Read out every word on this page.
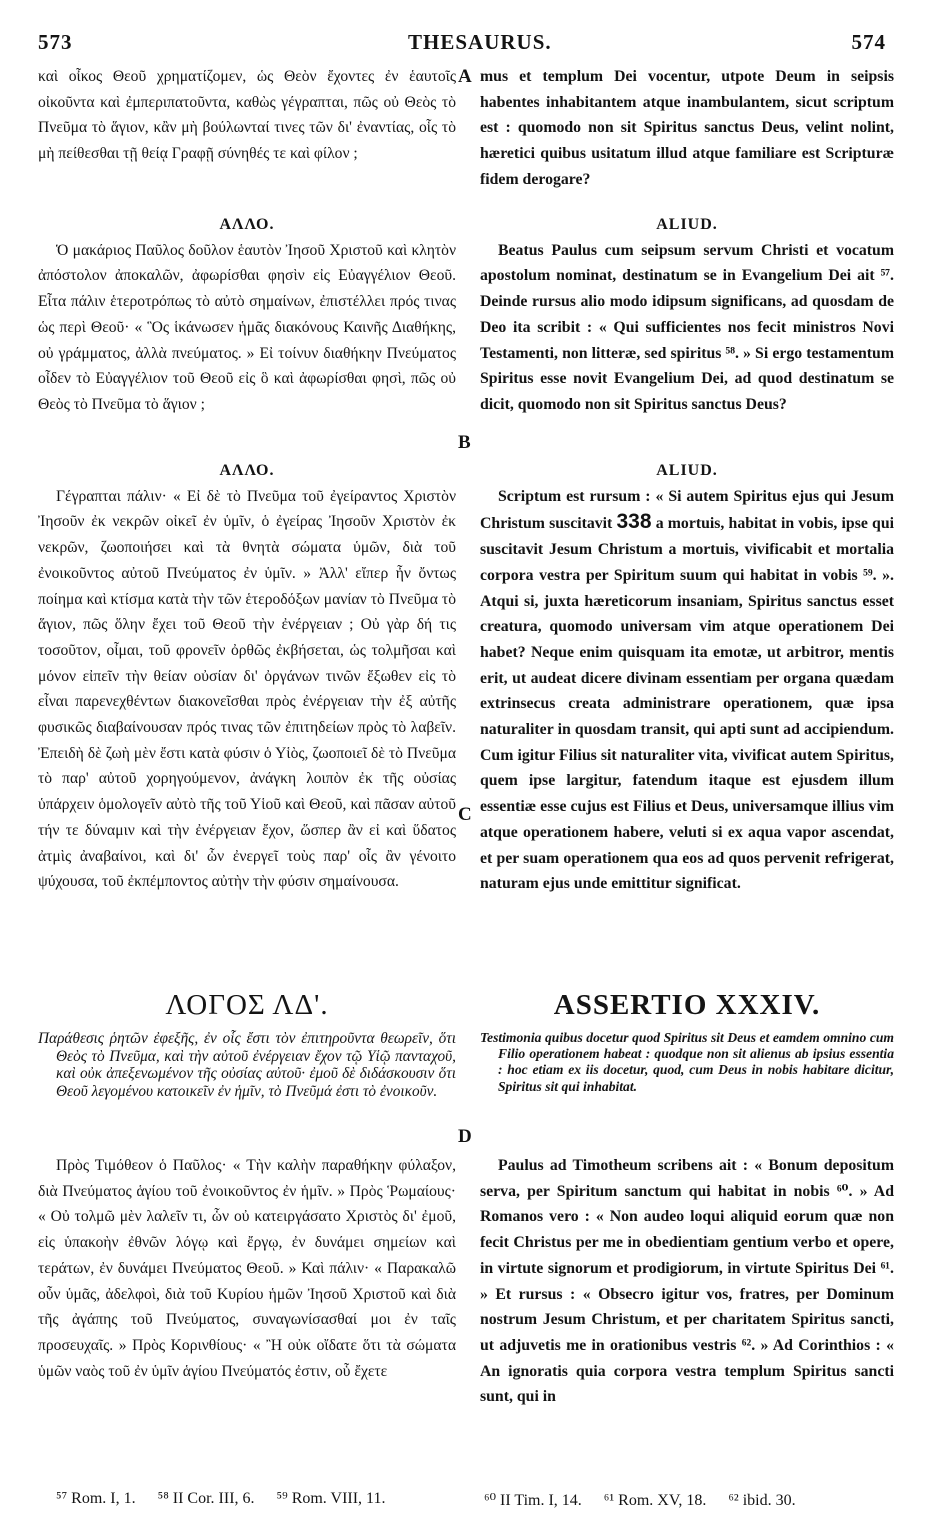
573	THESAURUS.	574
A
B
C
D

καὶ οἶκος Θεοῦ χρηματίζομεν, ὡς Θεὸν ἔχοντες ἐν ἑαυτοῖς οἰκοῦντα καὶ ἐμπεριπατοῦντα, καθὼς γέγραπται, πῶς οὐ Θεὸς τὸ Πνεῦμα τὸ ἅγιον, κἂν μὴ βούλωνταί τινες τῶν δι' ἐναντίας, οἷς τὸ μὴ πείθεσθαι τῇ θείᾳ Γραφῇ σύνηθές τε καὶ φίλον ;

ΑΛΛΟ.

Ὁ μακάριος Παῦλος δοῦλον ἑαυτὸν Ἰησοῦ Χριστοῦ καὶ κλητὸν ἀπόστολον ἀποκαλῶν, ἀφωρίσθαι φησὶν εἰς Εὐαγγέλιον Θεοῦ. Εἶτα πάλιν ἑτεροτρόπως τὸ αὐτὸ σημαίνων, ἐπιστέλλει πρός τινας ὡς περὶ Θεοῦ· « Ὃς ἱκάνωσεν ἡμᾶς διακόνους Καινῆς Διαθήκης, οὐ γράμματος, ἀλλὰ πνεύματος. » Εἰ τοίνυν διαθήκην Πνεύματος οἶδεν τὸ Εὐαγγέλιον τοῦ Θεοῦ εἰς ὃ καὶ ἀφωρίσθαι φησὶ, πῶς οὐ Θεὸς τὸ Πνεῦμα τὸ ἅγιον ;

ΑΛΛΟ.

Γέγραπται πάλιν· « Εἰ δὲ τὸ Πνεῦμα τοῦ ἐγείραντος Χριστὸν Ἰησοῦν ἐκ νεκρῶν οἰκεῖ ἐν ὑμῖν, ὁ ἐγείρας Ἰησοῦν Χριστὸν ἐκ νεκρῶν, ζωοποιήσει καὶ τὰ θνητὰ σώματα ὑμῶν, διὰ τοῦ ἐνοικοῦντος αὐτοῦ Πνεύματος ἐν ὑμῖν. » Ἀλλ' εἴπερ ἦν ὄντως ποίημα καὶ κτίσμα κατὰ τὴν τῶν ἑτεροδόξων μανίαν τὸ Πνεῦμα τὸ ἅγιον, πῶς ὅλην ἔχει τοῦ Θεοῦ τὴν ἐνέργειαν ; Οὐ γὰρ δή τις τοσοῦτον, οἶμαι, τοῦ φρονεῖν ὀρθῶς ἐκβήσεται, ὡς τολμῆσαι καὶ μόνον εἰπεῖν τὴν θείαν οὐσίαν δι' ὀργάνων τινῶν ἔξωθεν εἰς τὸ εἶναι παρενεχθέντων διακονεῖσθαι πρὸς ἐνέργειαν τὴν ἐξ αὐτῆς φυσικῶς διαβαίνουσαν πρός τινας τῶν ἐπιτηδείων πρὸς τὸ λαβεῖν. Ἐπειδὴ δὲ ζωὴ μὲν ἔστι κατὰ φύσιν ὁ Υἱὸς, ζωοποιεῖ δὲ τὸ Πνεῦμα τὸ παρ' αὐτοῦ χορηγούμενον, ἀνάγκη λοιπὸν ἐκ τῆς οὐσίας ὑπάρχειν ὁμολογεῖν αὐτὸ τῆς τοῦ Υἱοῦ καὶ Θεοῦ, καὶ πᾶσαν αὐτοῦ τήν τε δύναμιν καὶ τὴν ἐνέργειαν ἔχον, ὥσπερ ἂν εἰ καὶ ὕδατος ἀτμὶς ἀναβαίνοι, καὶ δι' ὧν ἐνεργεῖ τοὺς παρ' οἷς ἂν γένοιτο ψύχουσα, τοῦ ἐκπέμποντος αὐτὴν τὴν φύσιν σημαίνουσα.

ΛΟΓΟΣ ΛΔ'.
Παράθεσις ῥητῶν ἐφεξῆς, ἐν οἷς ἔστι τὸν ἐπιτηροῦντα θεωρεῖν, ὅτι Θεὸς τὸ Πνεῦμα, καὶ τὴν αὐτοῦ ἐνέργειαν ἔχον τῷ Υἱῷ πανταχοῦ, καὶ οὐκ ἀπεξενωμένον τῆς οὐσίας αὐτοῦ· ἐμοῦ δὲ διδάσκουσιν ὅτι Θεοῦ λεγομένου κατοικεῖν ἐν ἡμῖν, τὸ Πνεῦμά ἐστι τὸ ἐνοικοῦν.

Πρὸς Τιμόθεον ὁ Παῦλος· « Τὴν καλὴν παραθήκην φύλαξον, διὰ Πνεύματος ἁγίου τοῦ ἐνοικοῦντος ἐν ἡμῖν. » Πρὸς Ῥωμαίους· « Οὐ τολμῶ μὲν λαλεῖν τι, ὧν οὐ κατειργάσατο Χριστὸς δι' ἐμοῦ, εἰς ὑπακοὴν ἐθνῶν λόγῳ καὶ ἔργῳ, ἐν δυνάμει σημείων καὶ τεράτων, ἐν δυνάμει Πνεύματος Θεοῦ. » Καὶ πάλιν· « Παρακαλῶ οὖν ὑμᾶς, ἀδελφοὶ, διὰ τοῦ Κυρίου ἡμῶν Ἰησοῦ Χριστοῦ καὶ διὰ τῆς ἀγάπης τοῦ Πνεύματος, συναγωνίσασθαί μοι ἐν ταῖς προσευχαῖς. » Πρὸς Κορινθίους· « Ἢ οὐκ οἴδατε ὅτι τὰ σώματα ὑμῶν ναὸς τοῦ ἐν ὑμῖν ἁγίου Πνεύματός ἐστιν, οὗ ἔχετε

mus et templum Dei vocentur, utpote Deum in seipsis habentes inhabitantem atque inambulantem, sicut scriptum est : quomodo non sit Spiritus sanctus Deus, velint nolint, hæretici quibus usitatum illud atque familiare est Scripturæ fidem derogare?

ALIUD.

Beatus Paulus cum seipsum servum Christi et vocatum apostolum nominat, destinatum se in Evangelium Dei ait ⁵⁷. Deinde rursus alio modo idipsum significans, ad quosdam de Deo ita scribit : « Qui sufficientes nos fecit ministros Novi Testamenti, non litteræ, sed spiritus ⁵⁸. » Si ergo testamentum Spiritus esse novit Evangelium Dei, ad quod destinatum se dicit, quomodo non sit Spiritus sanctus Deus?

ALIUD.

Scriptum est rursum : « Si autem Spiritus ejus qui Jesum Christum suscitavit 338 a mortuis, habitat in vobis, ipse qui suscitavit Jesum Christum a mortuis, vivificabit et mortalia corpora vestra per Spiritum suum qui habitat in vobis ⁵⁹. ». Atqui si, juxta hæreticorum insaniam, Spiritus sanctus esset creatura, quomodo universam vim atque operationem Dei habet? Neque enim quisquam ita emotæ, ut arbitror, mentis erit, ut audeat dicere divinam essentiam per organa quædam extrinsecus creata administrare operationem, quæ ipsa naturaliter in quosdam transit, qui apti sunt ad accipiendum. Cum igitur Filius sit naturaliter vita, vivificat autem Spiritus, quem ipse largitur, fatendum itaque est ejusdem illum essentiæ esse cujus est Filius et Deus, universamque illius vim atque operationem habere, veluti si ex aqua vapor ascendat, et per suam operationem qua eos ad quos pervenit refrigerat, naturam ejus unde emittitur significat.

ASSERTIO XXXIV.
Testimonia quibus docetur quod Spiritus sit Deus et eamdem omnino cum Filio operationem habeat : quodque non sit alienus ab ipsius essentia : hoc etiam ex iis docetur, quod, cum Deus in nobis habitare dicitur, Spiritus sit qui inhabitat.

Paulus ad Timotheum scribens ait : « Bonum depositum serva, per Spiritum sanctum qui habitat in nobis ⁶⁰. » Ad Romanos vero : « Non audeo loqui aliquid eorum quæ non fecit Christus per me in obedientiam gentium verbo et opere, in virtute signorum et prodigiorum, in virtute Spiritus Dei ⁶¹. » Et rursus : « Obsecro igitur vos, fratres, per Dominum nostrum Jesum Christum, et per charitatem Spiritus sancti, ut adjuvetis me in orationibus vestris ⁶². » Ad Corinthios : « An ignoratis quia corpora vestra templum Spiritus sancti sunt, qui in

⁵⁷ Rom. I, 1. ⁵⁸ II Cor. III, 6. ⁵⁹ Rom. VIII, 11.	⁶⁰ II Tim. I, 14. ⁶¹ Rom. XV, 18. ⁶² ibid. 30.
